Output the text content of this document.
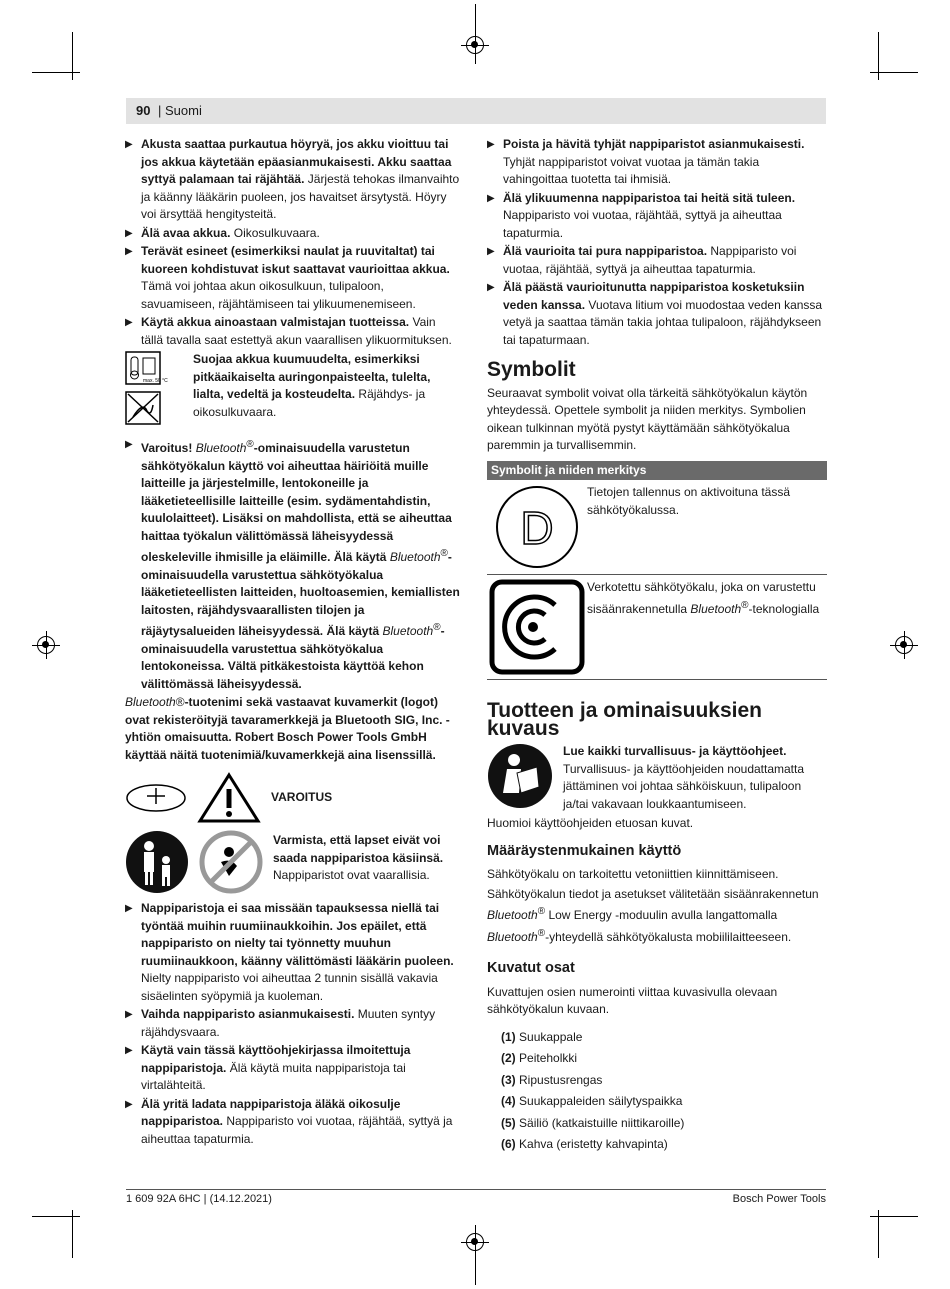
90 | Suomi
▶ Akusta saattaa purkautua höyryä, jos akku vioittuu tai jos akkua käytetään epäasianmukaisesti. Akku saattaa syttyä palamaan tai räjähtää. Järjestä tehokas ilmanvaihto ja käänny lääkärin puoleen, jos havaitset ärsytystä. Höyry voi ärsyttää hengitysteitä.
▶ Älä avaa akkua. Oikosulkuvaara.
▶ Terävät esineet (esimerkiksi naulat ja ruuvitaltat) tai kuoreen kohdistuvat iskut saattavat vaurioittaa akkua. Tämä voi johtaa akun oikosulkuun, tulipaloon, savuamiseen, räjähtämiseen tai ylikuumenemiseen.
▶ Käytä akkua ainoastaan valmistajan tuotteissa. Vain tällä tavalla saat estettyä akun vaarallisen ylikuormituksen.
max. 50 °C

Suojaa akkua kuumuudelta, esimerkiksi pitkäaikaiselta auringonpaisteelta, tulelta, lialta, vedeltä ja kosteudelta. Räjähdys- ja oikosulkuvaara.
▶ Varoitus! Bluetooth®-ominaisuudella varustetun sähkötyökalun käyttö voi aiheuttaa häiriöitä muille laitteille ja järjestelmille, lentokoneille ja lääketieteellisille laitteille (esim. sydämentahdistin, kuulolaitteet). Lisäksi on mahdollista, että se aiheuttaa haittaa työkalun välittömässä läheisyydessä oleskeleville ihmisille ja eläimille. Älä käytä Bluetooth®-ominaisuudella varustettua sähkötyökalua lääketieteellisten laitteiden, huoltoasemien, kemiallisten laitosten, räjähdysvaarallisten tilojen ja räjäytysalueiden läheisyydessä. Älä käytä Bluetooth®-ominaisuudella varustettua sähkötyökalua lentokoneissa. Vältä pitkäkestoista käyttöä kehon välittömässä läheisyydessä.

Bluetooth®-tuotenimi sekä vastaavat kuvamerkit (logot) ovat rekisteröityjä tavaramerkkejä ja Bluetooth SIG, Inc. -yhtiön omaisuutta. Robert Bosch Power Tools GmbH käyttää näitä tuotenimiä/kuvamerkkejä aina lisenssillä.

VAROITUS
Varmista, että lapset eivät voi saada nappiparistoa käsiinsä. Nappiparistot ovat vaarallisia.
▶ Nappiparistoja ei saa missään tapauksessa niellä tai työntää muihin ruumiinaukkoihin. Jos epäilet, että nappiparisto on nielty tai työnnetty muuhun ruumiinaukkoon, käänny välittömästi lääkärin puoleen. Nielty nappiparisto voi aiheuttaa 2 tunnin sisällä vakavia sisäelinten syöpymiä ja kuoleman.
▶ Vaihda nappiparisto asianmukaisesti. Muuten syntyy räjähdysvaara.
▶ Käytä vain tässä käyttöohjekirjassa ilmoitettuja nappiparistoja. Älä käytä muita nappiparistoja tai virtalähteitä.
▶ Älä yritä ladata nappiparistoja äläkä oikosulje nappiparistoa. Nappiparisto voi vuotaa, räjähtää, syttyä ja aiheuttaa tapaturmia.
▶ Poista ja hävitä tyhjät nappiparistot asianmukaisesti. Tyhjät nappiparistot voivat vuotaa ja tämän takia vahingoittaa tuotetta tai ihmisiä.
▶ Älä ylikuumenna nappiparistoa tai heitä sitä tuleen. Nappiparisto voi vuotaa, räjähtää, syttyä ja aiheuttaa tapaturmia.
▶ Älä vaurioita tai pura nappiparistoa. Nappiparisto voi vuotaa, räjähtää, syttyä ja aiheuttaa tapaturmia.
▶ Älä päästä vaurioitunutta nappiparistoa kosketuksiin veden kanssa. Vuotava litium voi muodostaa veden kanssa vetyä ja saattaa tämän takia johtaa tulipaloon, räjähdykseen tai tapaturmaan.
Symbolit

Seuraavat symbolit voivat olla tärkeitä sähkötyökalun käytön yhteydessä. Opettele symbolit ja niiden merkitys. Symbolien oikean tulkinnan myötä pystyt käyttämään sähkötyökalua paremmin ja turvallisemmin.

Symbolit ja niiden merkitys
D
Tietojen tallennus on aktivoituna tässä sähkötyökalussa.
Verkotettu sähkötyökalu, joka on varustettu sisäänrakennetulla Bluetooth®-teknologialla
Tuotteen ja ominaisuuksien kuvaus
Lue kaikki turvallisuus- ja käyttöohjeet. Turvallisuus- ja käyttöohjeiden noudattamatta jättäminen voi johtaa sähköiskuun, tulipaloon ja/tai vakavaan loukkaantumiseen.

Huomioi käyttöohjeiden etuosan kuvat.

Määräystenmukainen käyttö

Sähkötyökalu on tarkoitettu vetoniittien kiinnittämiseen.

Sähkötyökalun tiedot ja asetukset välitetään sisäänrakennetun Bluetooth® Low Energy -moduulin avulla langattomalla Bluetooth®-yhteydellä sähkötyökalusta mobiililaitteeseen.

Kuvatut osat

Kuvattujen osien numerointi viittaa kuvasivulla olevaan sähkötyökalun kuvaan.

(1) Suukappale
(2) Peiteholkki
(3) Ripustusrengas
(4) Suukappaleiden säilytyspaikka
(5) Säiliö (katkaistuille niittikaroille)
(6) Kahva (eristetty kahvapinta)
1 609 92A 6HC | (14.12.2021)	Bosch Power Tools
